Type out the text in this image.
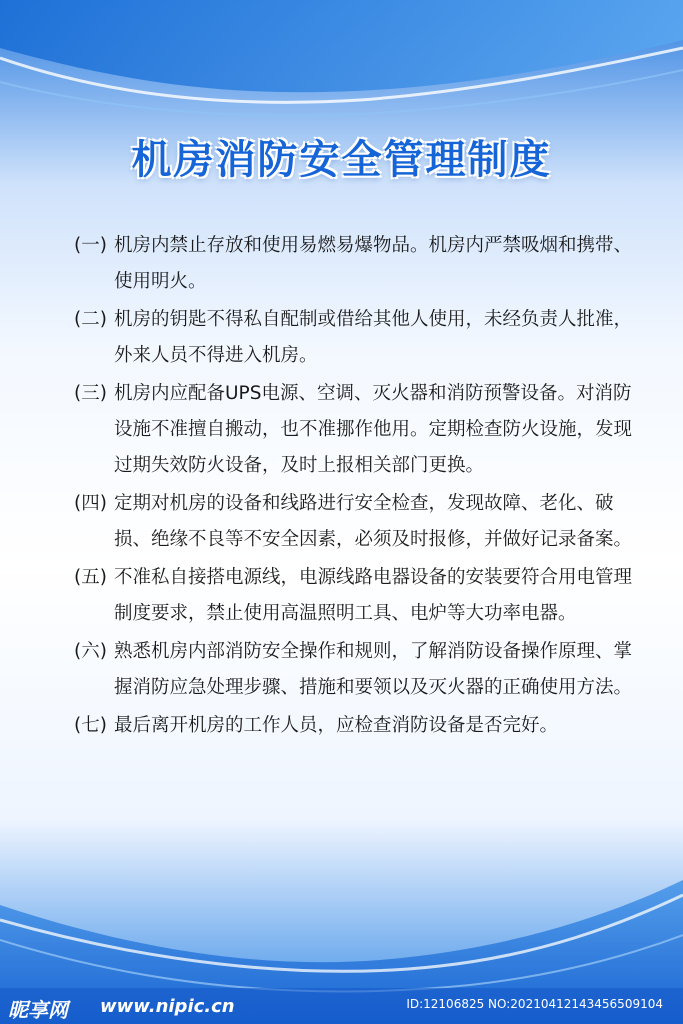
机房消防安全管理制度
(一) 机房内禁止存放和使用易燃易爆物品。机房内严禁吸烟和携带、使用明火。
(二) 机房的钥匙不得私自配制或借给其他人使用，未经负责人批准，外来人员不得进入机房。
(三) 机房内应配备UPS电源、空调、灭火器和消防预警设备。对消防设施不准擅自搬动，也不准挪作他用。定期检查防火设施，发现过期失效防火设备，及时上报相关部门更换。
(四) 定期对机房的设备和线路进行安全检查，发现故障、老化、破损、绝缘不良等不安全因素，必须及时报修，并做好记录备案。
(五) 不准私自接搭电源线，电源线路电器设备的安装要符合用电管理制度要求，禁止使用高温照明工具、电炉等大功率电器。
(六) 熟悉机房内部消防安全操作和规则，了解消防设备操作原理、掌握消防应急处理步骤、措施和要领以及灭火器的正确使用方法。
(七) 最后离开机房的工作人员，应检查消防设备是否完好。
昵享网 www.nipic.cn	ID:12106825 NO:20210412143456509104
